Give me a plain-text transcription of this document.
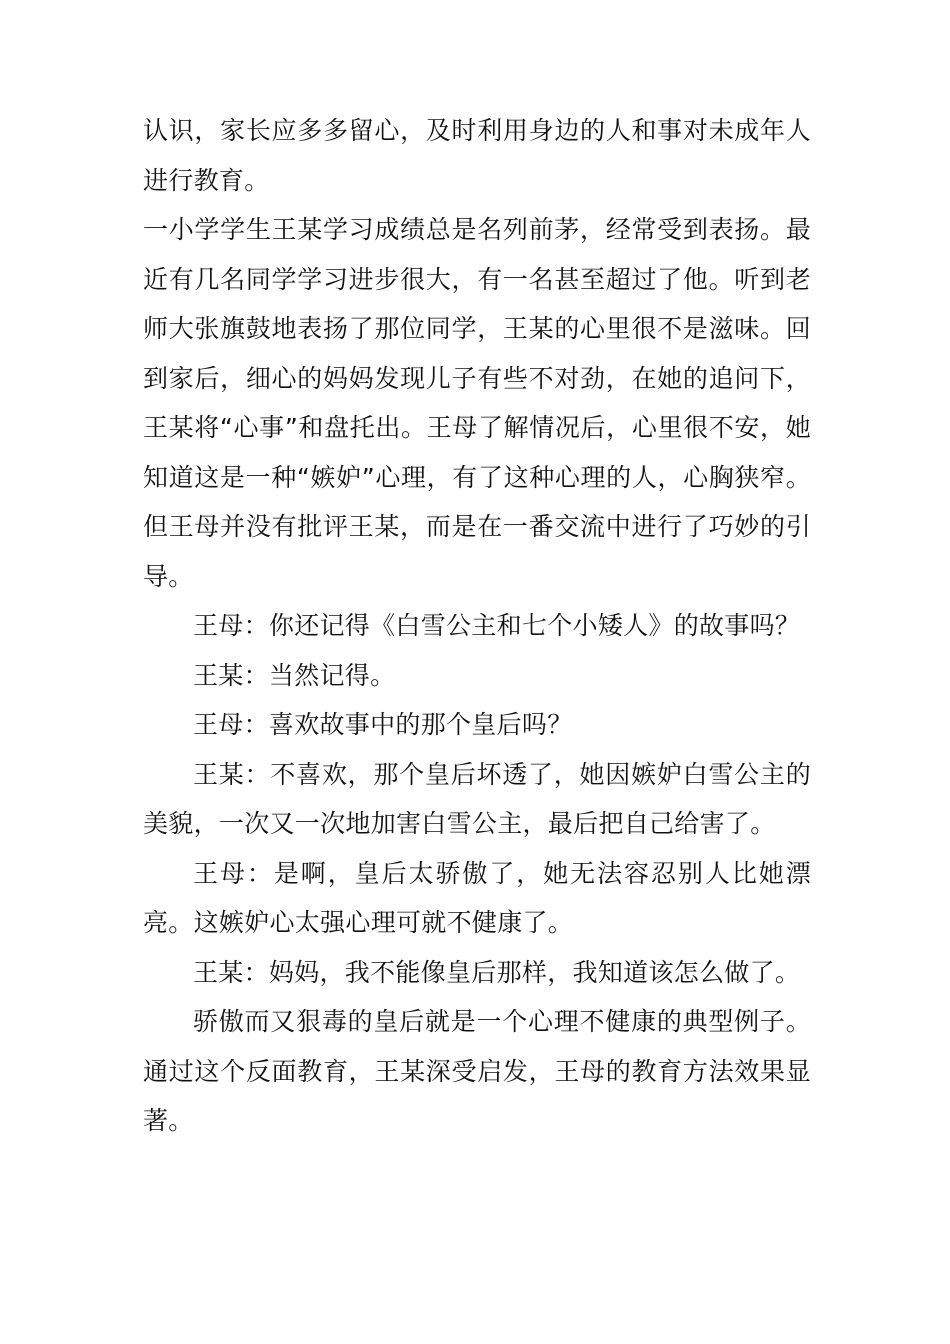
认识，家长应多多留心，及时利用身边的人和事对未成年人进行教育。

一小学学生王某学习成绩总是名列前茅，经常受到表扬。最近有几名同学学习进步很大，有一名甚至超过了他。听到老师大张旗鼓地表扬了那位同学，王某的心里很不是滋味。回到家后，细心的妈妈发现儿子有些不对劲，在她的追问下，王某将“心事”和盘托出。王母了解情况后，心里很不安，她知道这是一种“嫉妒”心理，有了这种心理的人，心胸狭窄。但王母并没有批评王某，而是在一番交流中进行了巧妙的引导。

王母：你还记得《白雪公主和七个小矮人》的故事吗？

王某：当然记得。

王母：喜欢故事中的那个皇后吗？

王某：不喜欢，那个皇后坏透了，她因嫉妒白雪公主的美貌，一次又一次地加害白雪公主，最后把自己给害了。

王母：是啊，皇后太骄傲了，她无法容忍别人比她漂亮。这嫉妒心太强心理可就不健康了。

王某：妈妈，我不能像皇后那样，我知道该怎么做了。

骄傲而又狠毒的皇后就是一个心理不健康的典型例子。通过这个反面教育，王某深受启发，王母的教育方法效果显著。
